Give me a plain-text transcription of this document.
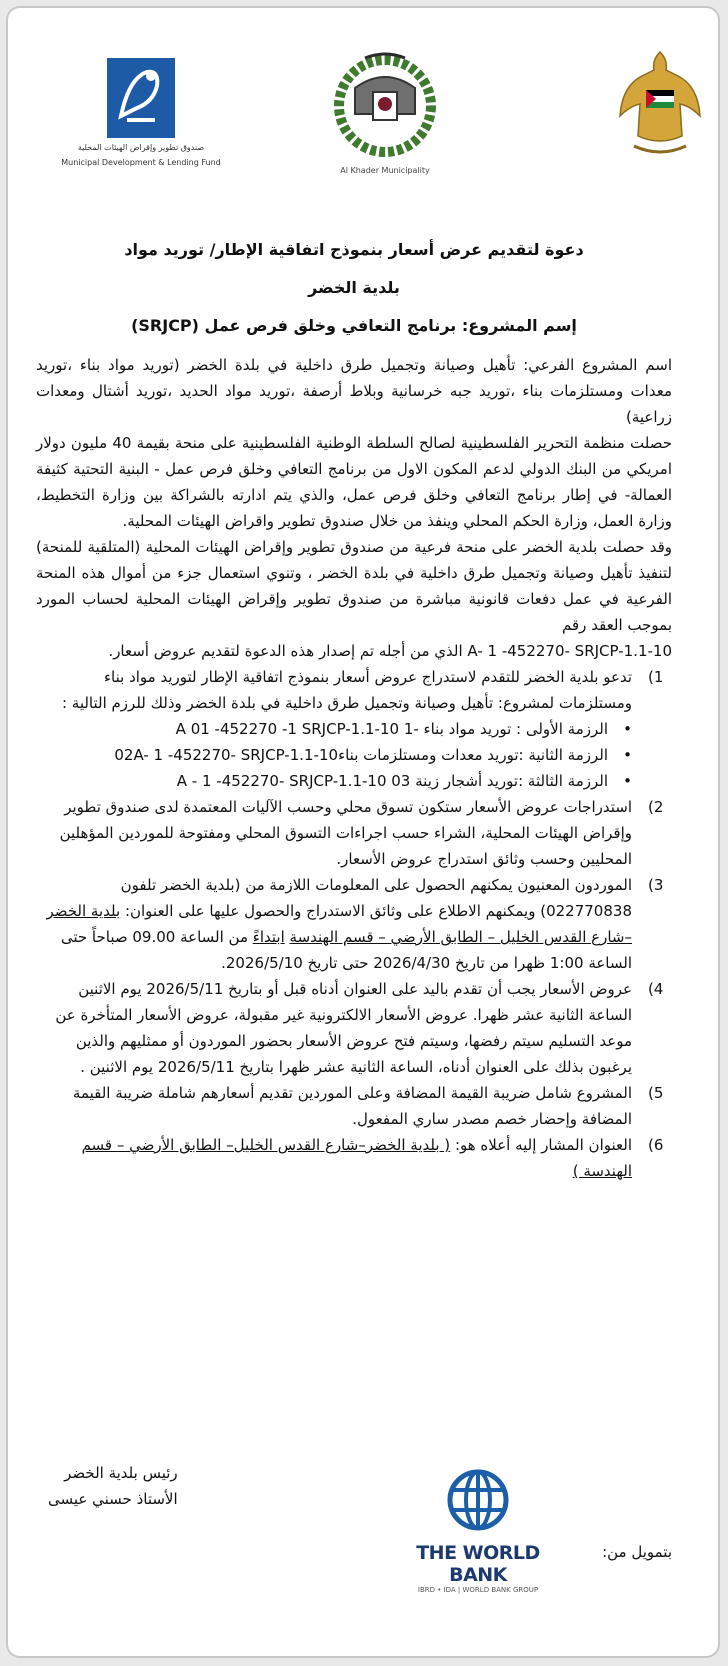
صندوق تطوير وإقراض الهيئات المحلية
Municipal Development & Lending Fund
Al Khader Municipality
دعوة لتقديم عرض أسعار بنموذج اتفاقية الإطار/ توريد مواد
بلدية الخضر
إسم المشروع: برنامج التعافي وخلق فرص عمل (SRJCP)

اسم المشروع الفرعي: تأهيل وصيانة وتجميل طرق داخلية في بلدة الخضر (توريد مواد بناء ،توريد معدات ومستلزمات بناء ،توريد جبه خرسانية وبلاط أرصفة ،توريد مواد الحديد ،توريد أشتال ومعدات زراعية)

حصلت منظمة التحرير الفلسطينية لصالح السلطة الوطنية الفلسطينية على منحة بقيمة 40 مليون دولار امريكي من البنك الدولي لدعم المكون الاول من برنامج التعافي وخلق فرص عمل - البنية التحتية كثيفة العمالة- في إطار برنامج التعافي وخلق فرص عمل، والذي يتم ادارته بالشراكة بين وزارة التخطيط، وزارة العمل، وزارة الحكم المحلي وينفذ من خلال صندوق تطوير واقراض الهيئات المحلية.

وقد حصلت بلدية الخضر على منحة فرعية من صندوق تطوير وإقراض الهيئات المحلية (المتلقية للمنحة) لتنفيذ تأهيل وصيانة وتجميل طرق داخلية في بلدة الخضر ، وتنوي استعمال جزء من أموال هذه المنحة الفرعية في عمل دفعات قانونية مباشرة من صندوق تطوير وإقراض الهيئات المحلية لحساب المورد بموجب العقد رقم

A- 1 -452270- SRJCP-1.1-10 الذي من أجله تم إصدار هذه الدعوة لتقديم عروض أسعار.

1)
تدعو بلدية الخضر للتقدم لاستدراج عروض أسعار بنموذج اتفاقية الإطار لتوريد مواد بناء ومستلزمات لمشروع: تأهيل وصيانة وتجميل طرق داخلية في بلدة الخضر وذلك للرزم التالية :
• الرزمة الأولى : توريد مواد بناء -1 A 01 -452270 -1 SRJCP-1.1-10
• الرزمة الثانية :توريد معدات ومستلزمات بناء02A- 1 -452270- SRJCP-1.1-10
• الرزمة الثالثة :توريد أشجار زينة 03 A - 1 -452270- SRJCP-1.1-10
2)
استدراجات عروض الأسعار ستكون تسوق محلي وحسب الآليات المعتمدة لدى صندوق تطوير وإقراض الهيئات المحلية، الشراء حسب اجراءات التسوق المحلي ومفتوحة للموردين المؤهلين المحليين وحسب وثائق استدراج عروض الأسعار.
3)
الموردون المعنيون يمكنهم الحصول على المعلومات اللازمة من (بلدية الخضر تلفون 022770838) ويمكنهم الاطلاع على وثائق الاستدراج والحصول عليها على العنوان: بلدية الخضر –شارع القدس الخليل – الطابق الأرضي – قسم الهندسة ابتداءً من الساعة 09.00 صباحاً حتى الساعة 1:00 ظهرا من تاريخ 2026/4/30 حتى تاريخ 2026/5/10.
4)
عروض الأسعار يجب أن تقدم باليد على العنوان أدناه قبل أو بتاريخ 2026/5/11 يوم الاثنين الساعة الثانية عشر ظهرا. عروض الأسعار الالكترونية غير مقبولة، عروض الأسعار المتأخرة عن موعد التسليم سيتم رفضها، وسيتم فتح عروض الأسعار بحضور الموردون أو ممثليهم والذين يرغبون بذلك على العنوان أدناه، الساعة الثانية عشر ظهرا بتاريخ 2026/5/11 يوم الاثنين .
5)
المشروع شامل ضريبة القيمة المضافة وعلى الموردين تقديم أسعارهم شاملة ضريبة القيمة المضافة وإحضار خصم مصدر ساري المفعول.
6)
العنوان المشار إليه أعلاه هو: ( بلدية الخضر–شارع القدس الخليل– الطابق الأرضي – قسم الهندسة )
رئيس بلدية الخضر
الأستاذ حسني عيسى
THE WORLD BANK
IBRD • IDA | WORLD BANK GROUP
بتمويل من:
